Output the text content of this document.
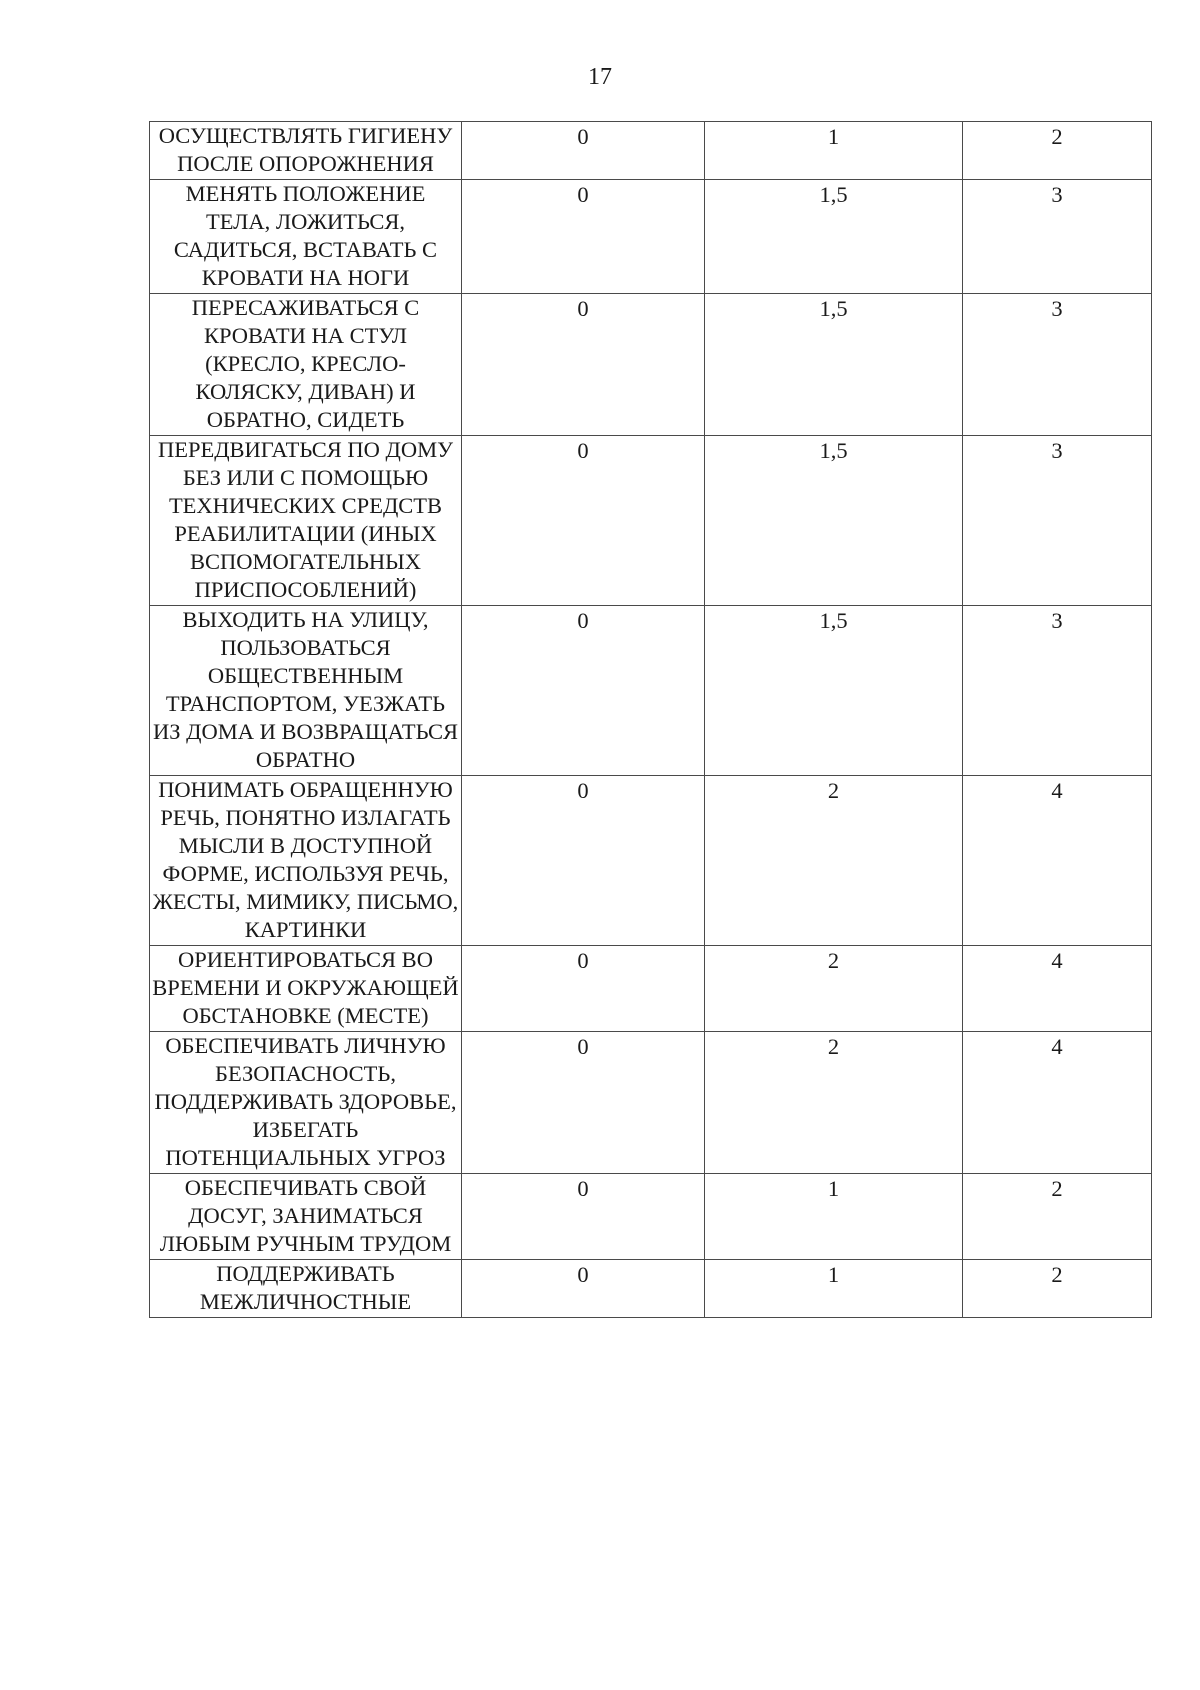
17
ОСУЩЕСТВЛЯТЬ ГИГИЕНУ ПОСЛЕ ОПОРОЖНЕНИЯ	0	1	2
МЕНЯТЬ ПОЛОЖЕНИЕ ТЕЛА, ЛОЖИТЬСЯ, САДИТЬСЯ, ВСТАВАТЬ С КРОВАТИ НА НОГИ	0	1,5	3
ПЕРЕСАЖИВАТЬСЯ С КРОВАТИ НА СТУЛ (КРЕСЛО, КРЕСЛО-КОЛЯСКУ, ДИВАН) И ОБРАТНО, СИДЕТЬ	0	1,5	3
ПЕРЕДВИГАТЬСЯ ПО ДОМУ БЕЗ ИЛИ С ПОМОЩЬЮ ТЕХНИЧЕСКИХ СРЕДСТВ РЕАБИЛИТАЦИИ (ИНЫХ ВСПОМОГАТЕЛЬНЫХ ПРИСПОСОБЛЕНИЙ)	0	1,5	3
ВЫХОДИТЬ НА УЛИЦУ, ПОЛЬЗОВАТЬСЯ ОБЩЕСТВЕННЫМ ТРАНСПОРТОМ, УЕЗЖАТЬ ИЗ ДОМА И ВОЗВРАЩАТЬСЯ ОБРАТНО	0	1,5	3
ПОНИМАТЬ ОБРАЩЕННУЮ РЕЧЬ, ПОНЯТНО ИЗЛАГАТЬ МЫСЛИ В ДОСТУПНОЙ ФОРМЕ, ИСПОЛЬЗУЯ РЕЧЬ, ЖЕСТЫ, МИМИКУ, ПИСЬМО, КАРТИНКИ	0	2	4
ОРИЕНТИРОВАТЬСЯ ВО ВРЕМЕНИ И ОКРУЖАЮЩЕЙ ОБСТАНОВКЕ (МЕСТЕ)	0	2	4
ОБЕСПЕЧИВАТЬ ЛИЧНУЮ БЕЗОПАСНОСТЬ, ПОДДЕРЖИВАТЬ ЗДОРОВЬЕ, ИЗБЕГАТЬ ПОТЕНЦИАЛЬНЫХ УГРОЗ	0	2	4
ОБЕСПЕЧИВАТЬ СВОЙ ДОСУГ, ЗАНИМАТЬСЯ ЛЮБЫМ РУЧНЫМ ТРУДОМ	0	1	2
ПОДДЕРЖИВАТЬ МЕЖЛИЧНОСТНЫЕ	0	1	2
